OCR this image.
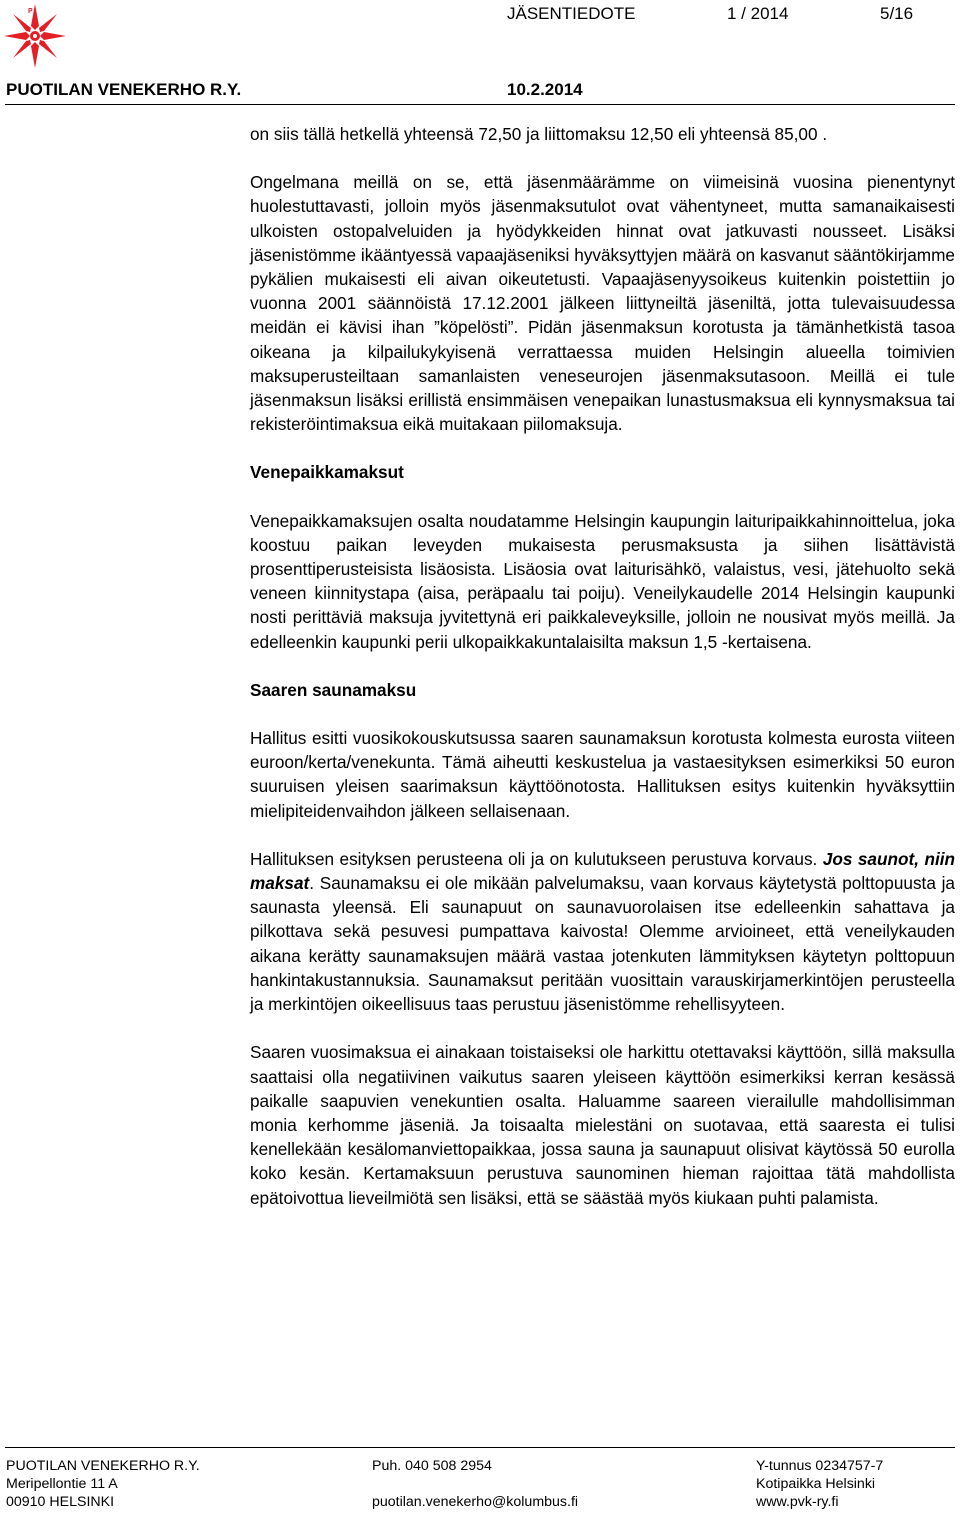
P	JÄSENTIEDOTE	1 / 2014	5/16
PUOTILAN VENEKERHO R.Y.	10.2.2014

on siis tällä hetkellä yhteensä 72,50 ja liittomaksu 12,50 eli yhteensä 85,00 .

Ongelmana meillä on se, että jäsenmäärämme on viimeisinä vuosina pienentynyt huolestuttavasti, jolloin myös jäsenmaksutulot ovat vähentyneet, mutta samanaikaisesti ulkoisten ostopalveluiden ja hyödykkeiden hinnat ovat jatkuvasti nousseet. Lisäksi jäsenistömme ikääntyessä vapaajäseniksi hyväksyttyjen määrä on kasvanut sääntökirjamme pykälien mukaisesti eli aivan oikeutetusti. Vapaajäsenyysoikeus kuitenkin poistettiin jo vuonna 2001 säännöistä 17.12.2001 jälkeen liittyneiltä jäseniltä, jotta tulevaisuudessa meidän ei kävisi ihan ”köpelösti”. Pidän jäsenmaksun korotusta ja tämänhetkistä tasoa oikeana ja kilpailukykyisenä verrattaessa muiden Helsingin alueella toimivien maksuperusteiltaan samanlaisten veneseurojen jäsenmaksutasoon. Meillä ei tule jäsenmaksun lisäksi erillistä ensimmäisen venepaikan lunastusmaksua eli kynnysmaksua tai rekisteröintimaksua eikä muitakaan piilomaksuja.

Venepaikkamaksut

Venepaikkamaksujen osalta noudatamme Helsingin kaupungin laituripaikkahinnoittelua, joka koostuu paikan leveyden mukaisesta perusmaksusta ja siihen lisättävistä prosenttiperusteisista lisäosista. Lisäosia ovat laiturisähkö, valaistus, vesi, jätehuolto sekä veneen kiinnitystapa (aisa, peräpaalu tai poiju). Veneilykaudelle 2014 Helsingin kaupunki nosti perittäviä maksuja jyvitettynä eri paikkaleveyksille, jolloin ne nousivat myös meillä. Ja edelleenkin kaupunki perii ulkopaikkakuntalaisilta maksun 1,5 -kertaisena.

Saaren saunamaksu

Hallitus esitti vuosikokouskutsussa saaren saunamaksun korotusta kolmesta eurosta viiteen euroon/kerta/venekunta. Tämä aiheutti keskustelua ja vastaesityksen esimerkiksi 50 euron suuruisen yleisen saarimaksun käyttöönotosta. Hallituksen esitys kuitenkin hyväksyttiin mielipiteidenvaihdon jälkeen sellaisenaan.

Hallituksen esityksen perusteena oli ja on kulutukseen perustuva korvaus. Jos saunot, niin maksat. Saunamaksu ei ole mikään palvelumaksu, vaan korvaus käytetystä polttopuusta ja saunasta yleensä. Eli saunapuut on saunavuorolaisen itse edelleenkin sahattava ja pilkottava sekä pesuvesi pumpattava kaivosta! Olemme arvioineet, että veneilykauden aikana kerätty saunamaksujen määrä vastaa jotenkuten lämmityksen käytetyn polttopuun hankintakustannuksia. Saunamaksut peritään vuosittain varauskirjamerkintöjen perusteella ja merkintöjen oikeellisuus taas perustuu jäsenistömme rehellisyyteen.

Saaren vuosimaksua ei ainakaan toistaiseksi ole harkittu otettavaksi käyttöön, sillä maksulla saattaisi olla negatiivinen vaikutus saaren yleiseen käyttöön esimerkiksi kerran kesässä paikalle saapuvien venekuntien osalta. Haluamme saareen vierailulle mahdollisimman monia kerhomme jäseniä. Ja toisaalta mielestäni on suotavaa, että saaresta ei tulisi kenellekään kesälomanviettopaikkaa, jossa sauna ja saunapuut olisivat käytössä 50 eurolla koko kesän. Kertamaksuun perustuva saunominen hieman rajoittaa tätä mahdollista epätoivottua lieveilmiötä sen lisäksi, että se säästää myös kiukaan puhti palamista.

PUOTILAN VENEKERHO R.Y.
Meripellontie 11 A
00910 HELSINKI
Puh. 040 508 2954
puotilan.venekerho@kolumbus.fi
Y-tunnus 0234757-7
Kotipaikka Helsinki
www.pvk-ry.fi
